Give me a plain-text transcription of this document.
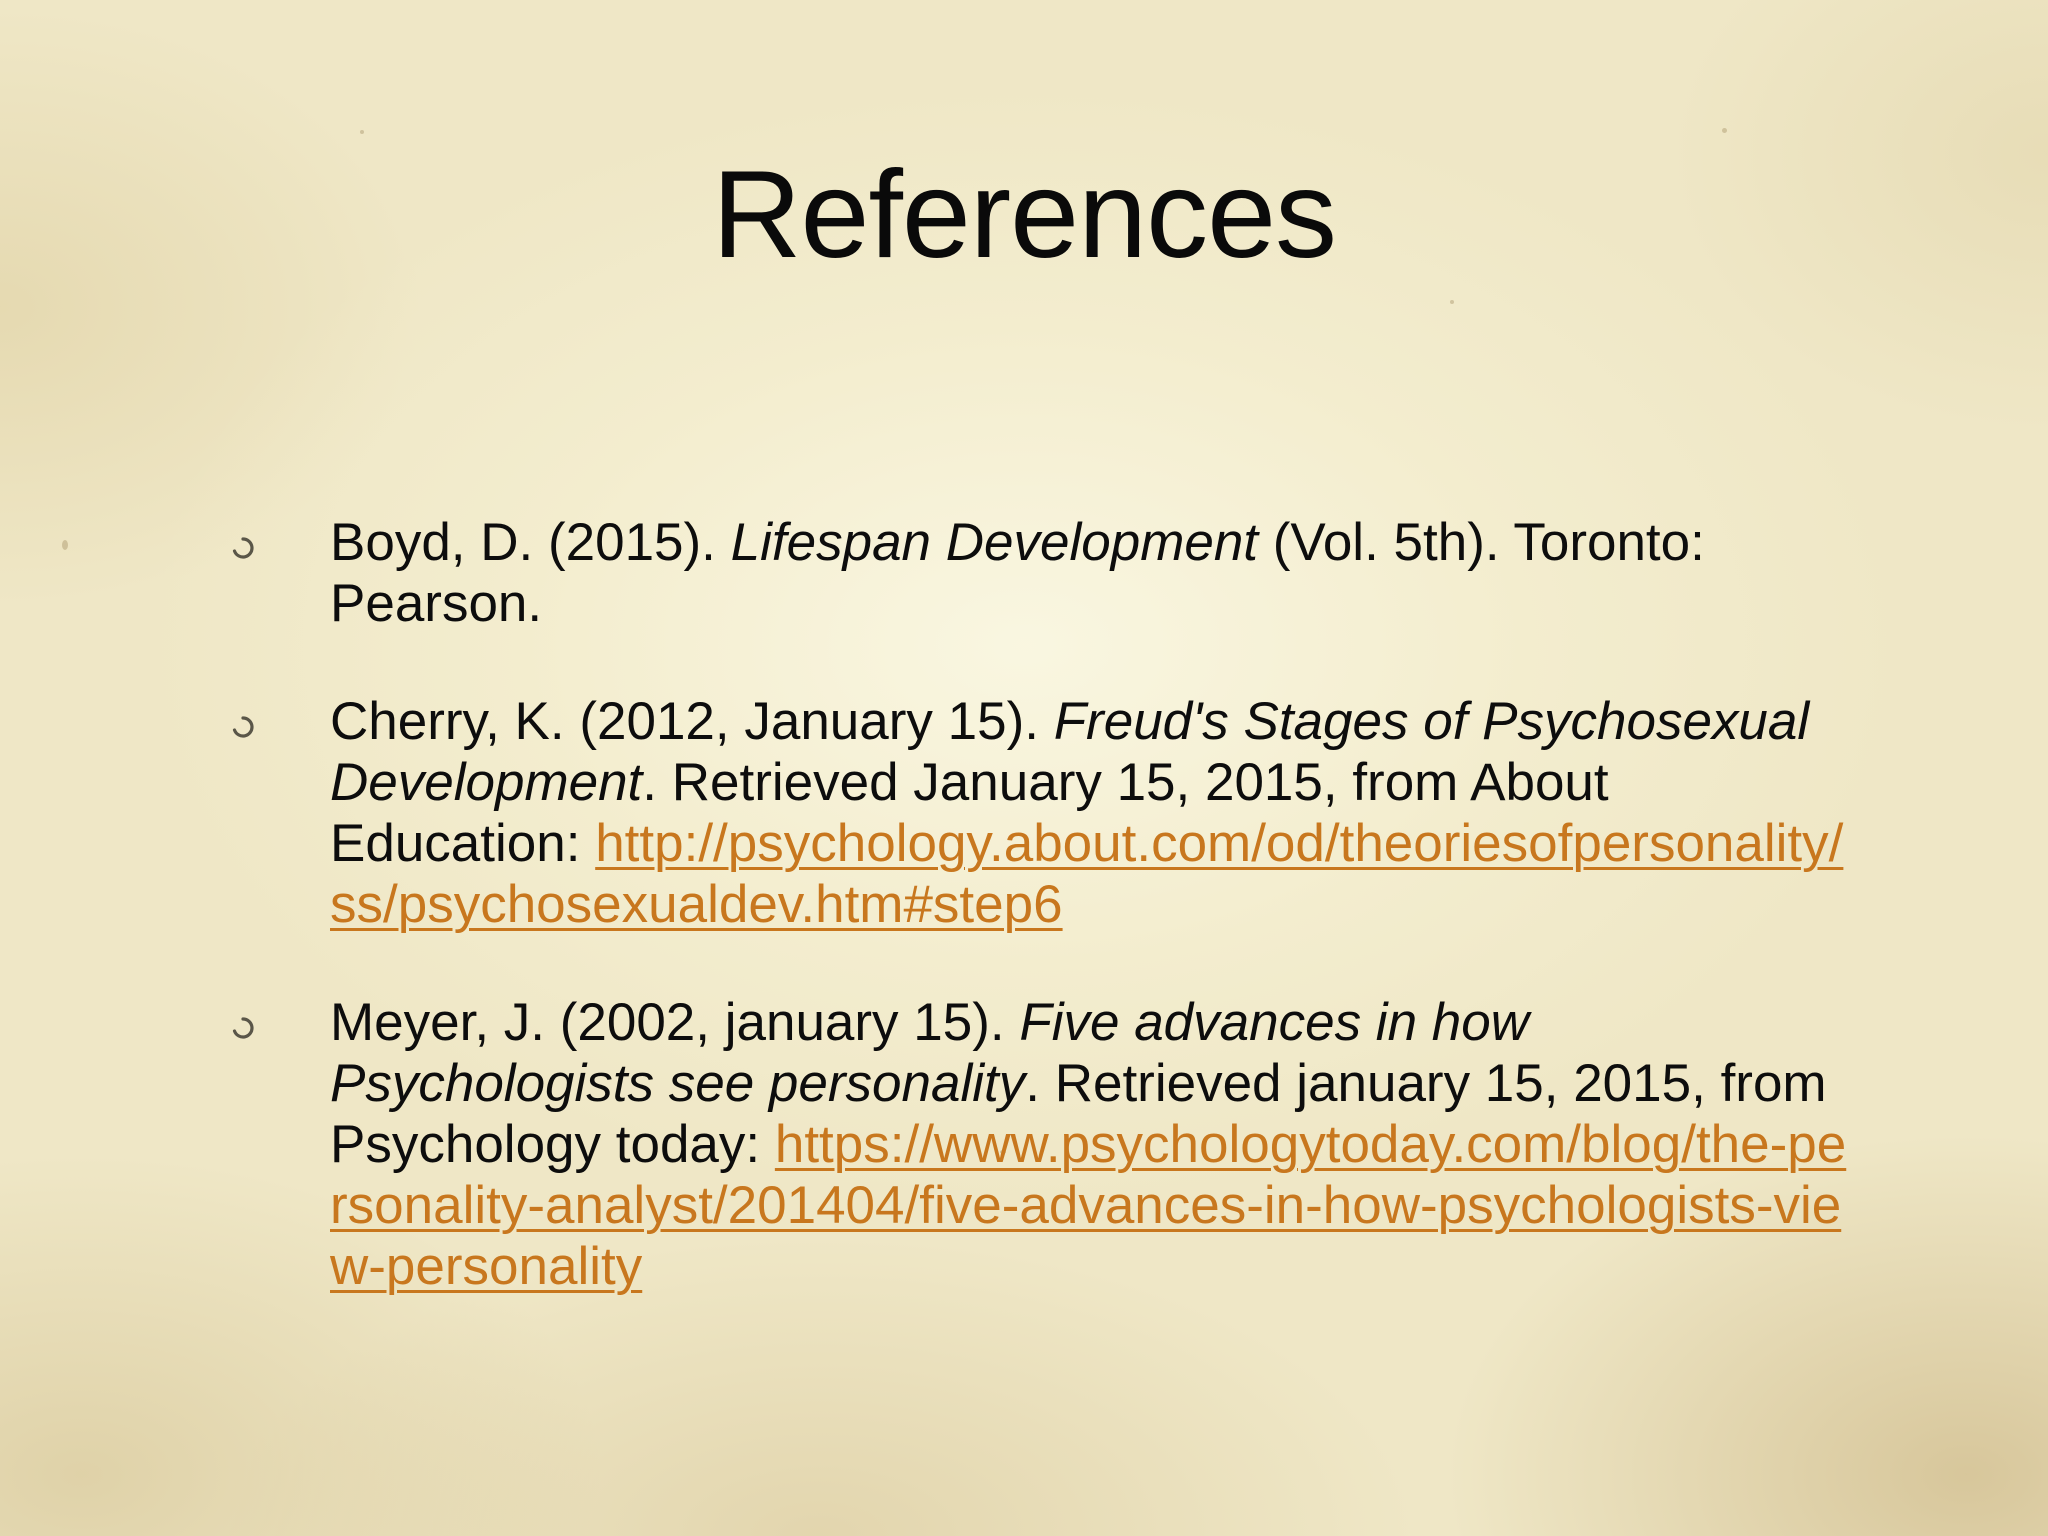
References
Boyd, D. (2015). Lifespan Development (Vol. 5th). Toronto: Pearson.
Cherry, K. (2012, January 15). Freud's Stages of Psychosexual Development. Retrieved January 15, 2015, from About Education: http://psychology.about.com/od/theoriesofpersonality/ss/psychosexualdev.htm#step6
Meyer, J. (2002, january 15). Five advances in how Psychologists see personality. Retrieved january 15, 2015, from Psychology today: https://www.psychologytoday.com/blog/the-personality-analyst/201404/five-advances-in-how-psychologists-view-personality
